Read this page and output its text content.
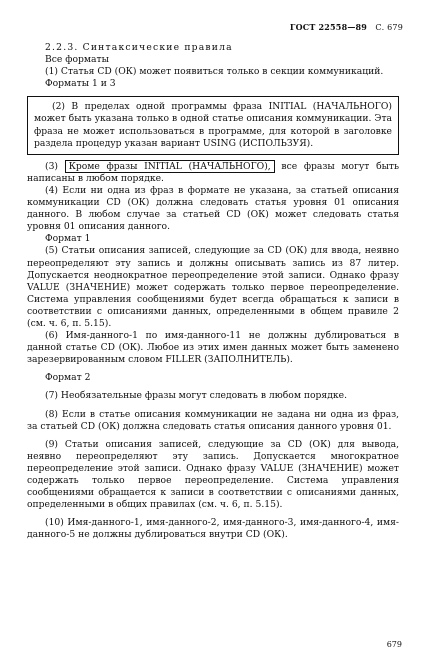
ГОСТ 22558—89 С. 679

2.2.3. Синтаксические правила

Все форматы

(1) Статья CD (ОК) может появиться только в секции коммуникаций.

Форматы 1 и 3

(2) В пределах одной программы фраза INITIAL (НАЧАЛЬНОГО) может быть указана только в одной статье описания коммуникации. Эта фраза не может использоваться в программе, для которой в заголовке раздела процедур указан вариант USING (ИСПОЛЬЗУЯ).

(3) Кроме фразы INITIAL (НАЧАЛЬНОГО), все фразы могут быть написаны в любом порядке.

(4) Если ни одна из фраз в формате не указана, за статьей описания коммуникации CD (ОК) должна следовать статья уровня 01 описания данного. В любом случае за статьей CD (ОК) может следовать статья уровня 01 описания данного.

Формат 1

(5) Статьи описания записей, следующие за CD (ОК) для ввода, неявно переопределяют эту запись и должны описывать запись из 87 литер. Допускается неоднократное переопределение этой записи. Однако фразу VALUE (ЗНАЧЕНИЕ) может содержать только первое переопределение. Система управления сообщениями будет всегда обращаться к записи в соответствии с описаниями данных, определенными в общем правиле 2 (см. ч. 6, п. 5.15).

(6) Имя-данного-1 по имя-данного-11 не должны дублироваться в данной статье CD (ОК). Любое из этих имен данных может быть заменено зарезервированным словом FILLER (ЗАПОЛНИТЕЛЬ).

Формат 2

(7) Необязательные фразы могут следовать в любом порядке.

(8) Если в статье описания коммуникации не задана ни одна из фраз, за статьей CD (ОК) должна следовать статья описания данного уровня 01.

(9) Статьи описания записей, следующие за CD (ОК) для вывода, неявно переопределяют эту запись. Допускается многократное переопределение этой записи. Однако фразу VALUE (ЗНАЧЕНИЕ) может содержать только первое переопределение. Система управления сообщениями обращается к записи в соответствии с описаниями данных, определенными в общих правилах (см. ч. 6, п. 5.15).

(10) Имя-данного-1, имя-данного-2, имя-данного-3, имя-данного-4, имя-данного-5 не должны дублироваться внутри CD (ОК).

679
